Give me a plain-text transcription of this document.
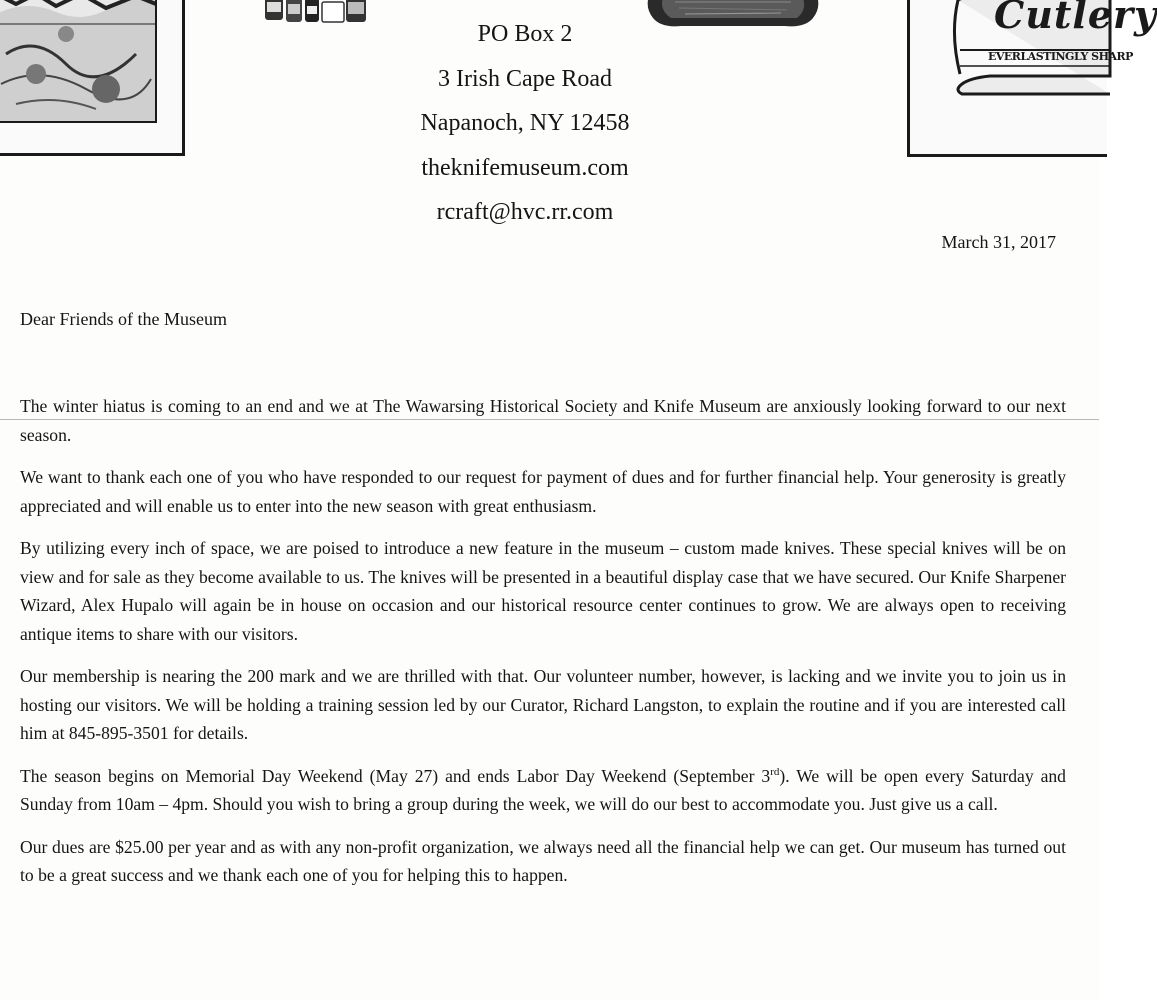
Cutlery
EVERLASTINGLY SHARP
PO Box 2
3 Irish Cape Road
Napanoch, NY 12458
theknifemuseum.com
rcraft@hvc.rr.com
March 31, 2017
Dear Friends of the Museum

The winter hiatus is coming to an end and we at The Wawarsing Historical Society and Knife Museum are anxiously looking forward to our next season.

We want to thank each one of you who have responded to our request for payment of dues and for further financial help. Your generosity is greatly appreciated and will enable us to enter into the new season with great enthusiasm.

By utilizing every inch of space, we are poised to introduce a new feature in the museum – custom made knives. These special knives will be on view and for sale as they become available to us. The knives will be presented in a beautiful display case that we have secured. Our Knife Sharpener Wizard, Alex Hupalo will again be in house on occasion and our historical resource center continues to grow. We are always open to receiving antique items to share with our visitors.

Our membership is nearing the 200 mark and we are thrilled with that. Our volunteer number, however, is lacking and we invite you to join us in hosting our visitors. We will be holding a training session led by our Curator, Richard Langston, to explain the routine and if you are interested call him at 845-895-3501 for details.

The season begins on Memorial Day Weekend (May 27) and ends Labor Day Weekend (September 3rd). We will be open every Saturday and Sunday from 10am – 4pm. Should you wish to bring a group during the week, we will do our best to accommodate you. Just give us a call.

Our dues are $25.00 per year and as with any non-profit organization, we always need all the financial help we can get. Our museum has turned out to be a great success and we thank each one of you for helping this to happen.
